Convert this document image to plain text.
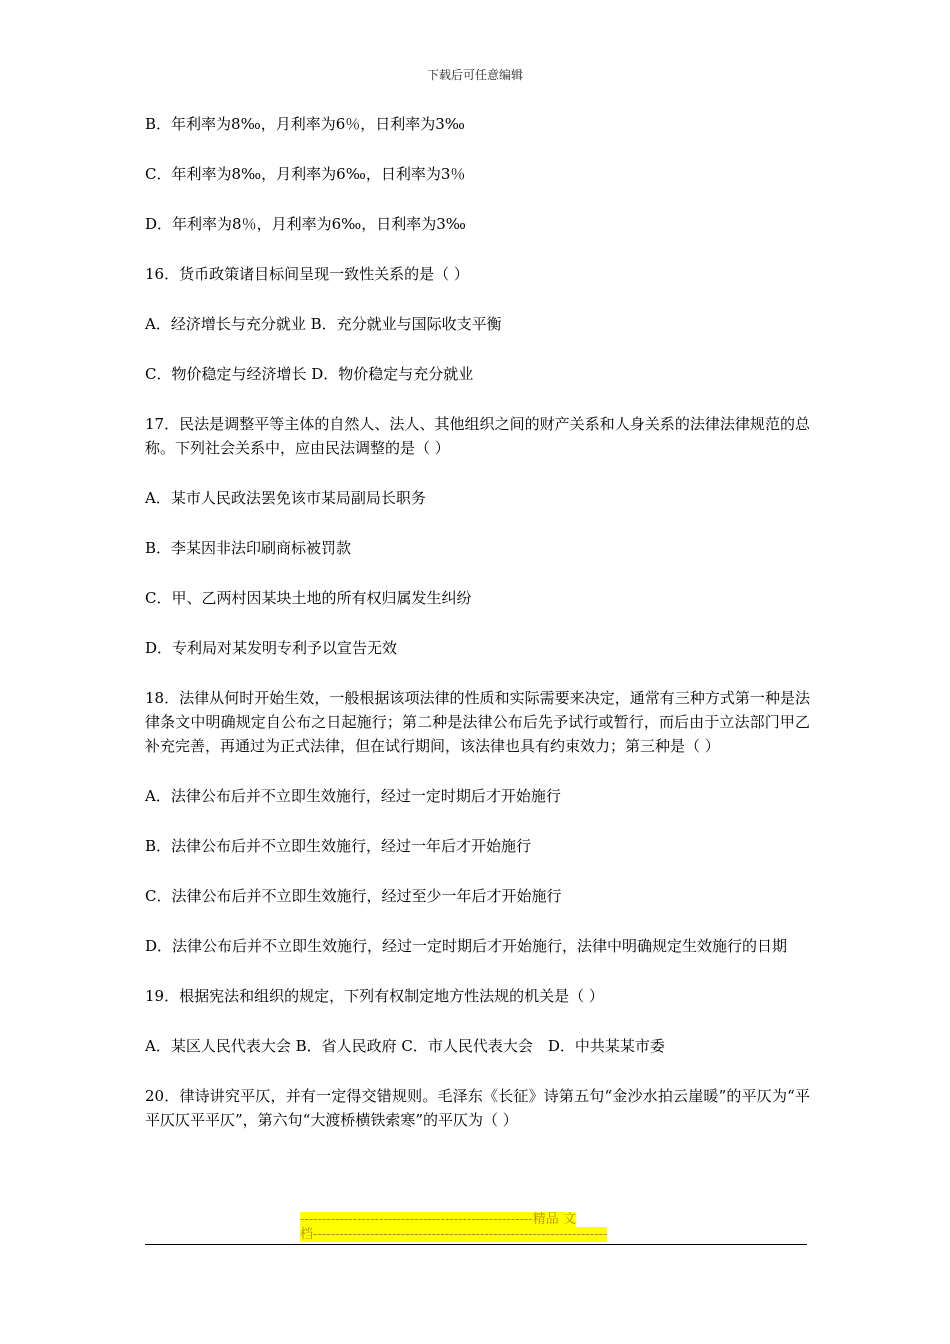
下载后可任意编辑

B．年利率为8‰，月利率为6％，日利率为3‰

C．年利率为8‰，月利率为6‰，日利率为3％

D．年利率为8％，月利率为6‰，日利率为3‰

16．货币政策诸目标间呈现一致性关系的是（ ）

A．经济增长与充分就业 B．充分就业与国际收支平衡

C．物价稳定与经济增长 D．物价稳定与充分就业

17．民法是调整平等主体的自然人、法人、其他组织之间的财产关系和人身关系的法律法律规范的总称。下列社会关系中，应由民法调整的是（ ）

A．某市人民政法罢免该市某局副局长职务

B．李某因非法印刷商标被罚款

C．甲、乙两村因某块土地的所有权归属发生纠纷

D．专利局对某发明专利予以宣告无效

18．法律从何时开始生效，一般根据该项法律的性质和实际需要来决定，通常有三种方式第一种是法律条文中明确规定自公布之日起施行；第二种是法律公布后先予试行或暂行，而后由于立法部门甲乙补充完善，再通过为正式法律，但在试行期间，该法律也具有约束效力；第三种是（ ）

A．法律公布后并不立即生效施行，经过一定时期后才开始施行

B．法律公布后并不立即生效施行，经过一年后才开始施行

C．法律公布后并不立即生效施行，经过至少一年后才开始施行

D．法律公布后并不立即生效施行，经过一定时期后才开始施行，法律中明确规定生效施行的日期

19．根据宪法和组织的规定，下列有权制定地方性法规的机关是（ ）

A．某区人民代表大会 B．省人民政府 C．市人民代表大会　D．中共某某市委

20．律诗讲究平仄，并有一定得交错规则。毛泽东《长征》诗第五句“金沙水拍云崖暖”的平仄为“平平仄仄平平仄”，第六句“大渡桥横铁索寒”的平仄为（ ）

-----------------------------------------------------精品 文
档-------------------------------------------------------------------
